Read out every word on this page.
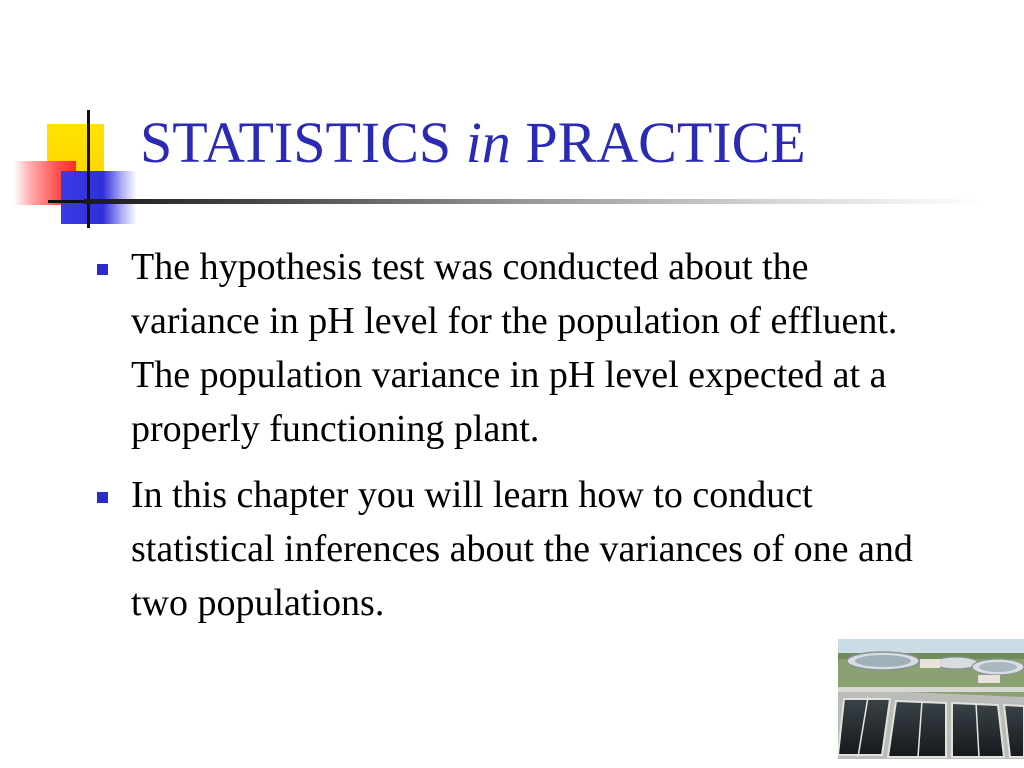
STATISTICS in PRACTICE
The hypothesis test was conducted about the variance in pH level for the population of effluent. The population variance in pH level expected at a properly functioning plant.
In this chapter you will learn how to conduct statistical inferences about the variances of one and two populations.
